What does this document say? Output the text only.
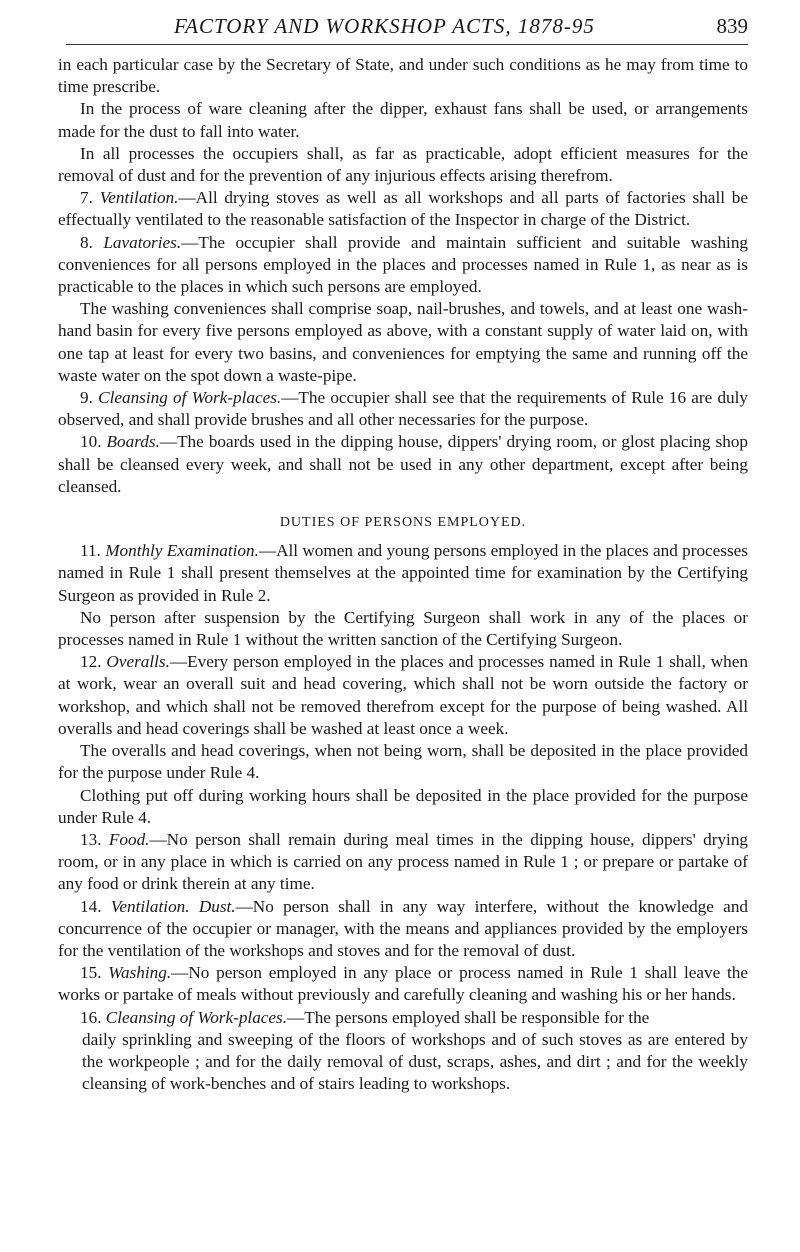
FACTORY AND WORKSHOP ACTS, 1878-95	839

in each particular case by the Secretary of State, and under such conditions as he may from time to time prescribe.

In the process of ware cleaning after the dipper, exhaust fans shall be used, or arrangements made for the dust to fall into water.

In all processes the occupiers shall, as far as practicable, adopt efficient measures for the removal of dust and for the prevention of any injurious effects arising therefrom.

7. Ventilation.—All drying stoves as well as all workshops and all parts of factories shall be effectually ventilated to the reasonable satisfaction of the Inspector in charge of the District.

8. Lavatories.—The occupier shall provide and maintain sufficient and suitable washing conveniences for all persons employed in the places and processes named in Rule 1, as near as is practicable to the places in which such persons are employed.

The washing conveniences shall comprise soap, nail-brushes, and towels, and at least one wash-hand basin for every five persons employed as above, with a constant supply of water laid on, with one tap at least for every two basins, and conveniences for emptying the same and running off the waste water on the spot down a waste-pipe.

9. Cleansing of Work-places.—The occupier shall see that the requirements of Rule 16 are duly observed, and shall provide brushes and all other necessaries for the purpose.

10. Boards.—The boards used in the dipping house, dippers' drying room, or glost placing shop shall be cleansed every week, and shall not be used in any other department, except after being cleansed.

DUTIES OF PERSONS EMPLOYED.

11. Monthly Examination.—All women and young persons employed in the places and processes named in Rule 1 shall present themselves at the appointed time for examination by the Certifying Surgeon as provided in Rule 2.

No person after suspension by the Certifying Surgeon shall work in any of the places or processes named in Rule 1 without the written sanction of the Certifying Surgeon.

12. Overalls.—Every person employed in the places and processes named in Rule 1 shall, when at work, wear an overall suit and head covering, which shall not be worn outside the factory or workshop, and which shall not be removed therefrom except for the purpose of being washed. All overalls and head coverings shall be washed at least once a week.

The overalls and head coverings, when not being worn, shall be deposited in the place provided for the purpose under Rule 4.

Clothing put off during working hours shall be deposited in the place provided for the purpose under Rule 4.

13. Food.—No person shall remain during meal times in the dipping house, dippers' drying room, or in any place in which is carried on any process named in Rule 1 ; or prepare or partake of any food or drink therein at any time.

14. Ventilation. Dust.—No person shall in any way interfere, without the knowledge and concurrence of the occupier or manager, with the means and appliances provided by the employers for the ventilation of the workshops and stoves and for the removal of dust.

15. Washing.—No person employed in any place or process named in Rule 1 shall leave the works or partake of meals without previously and carefully cleaning and washing his or her hands.

16. Cleansing of Work-places.—The persons employed shall be responsible for the

daily sprinkling and sweeping of the floors of workshops and of such stoves as are entered by the workpeople ; and for the daily removal of dust, scraps, ashes, and dirt ; and for the weekly cleansing of work-benches and of stairs leading to workshops.
